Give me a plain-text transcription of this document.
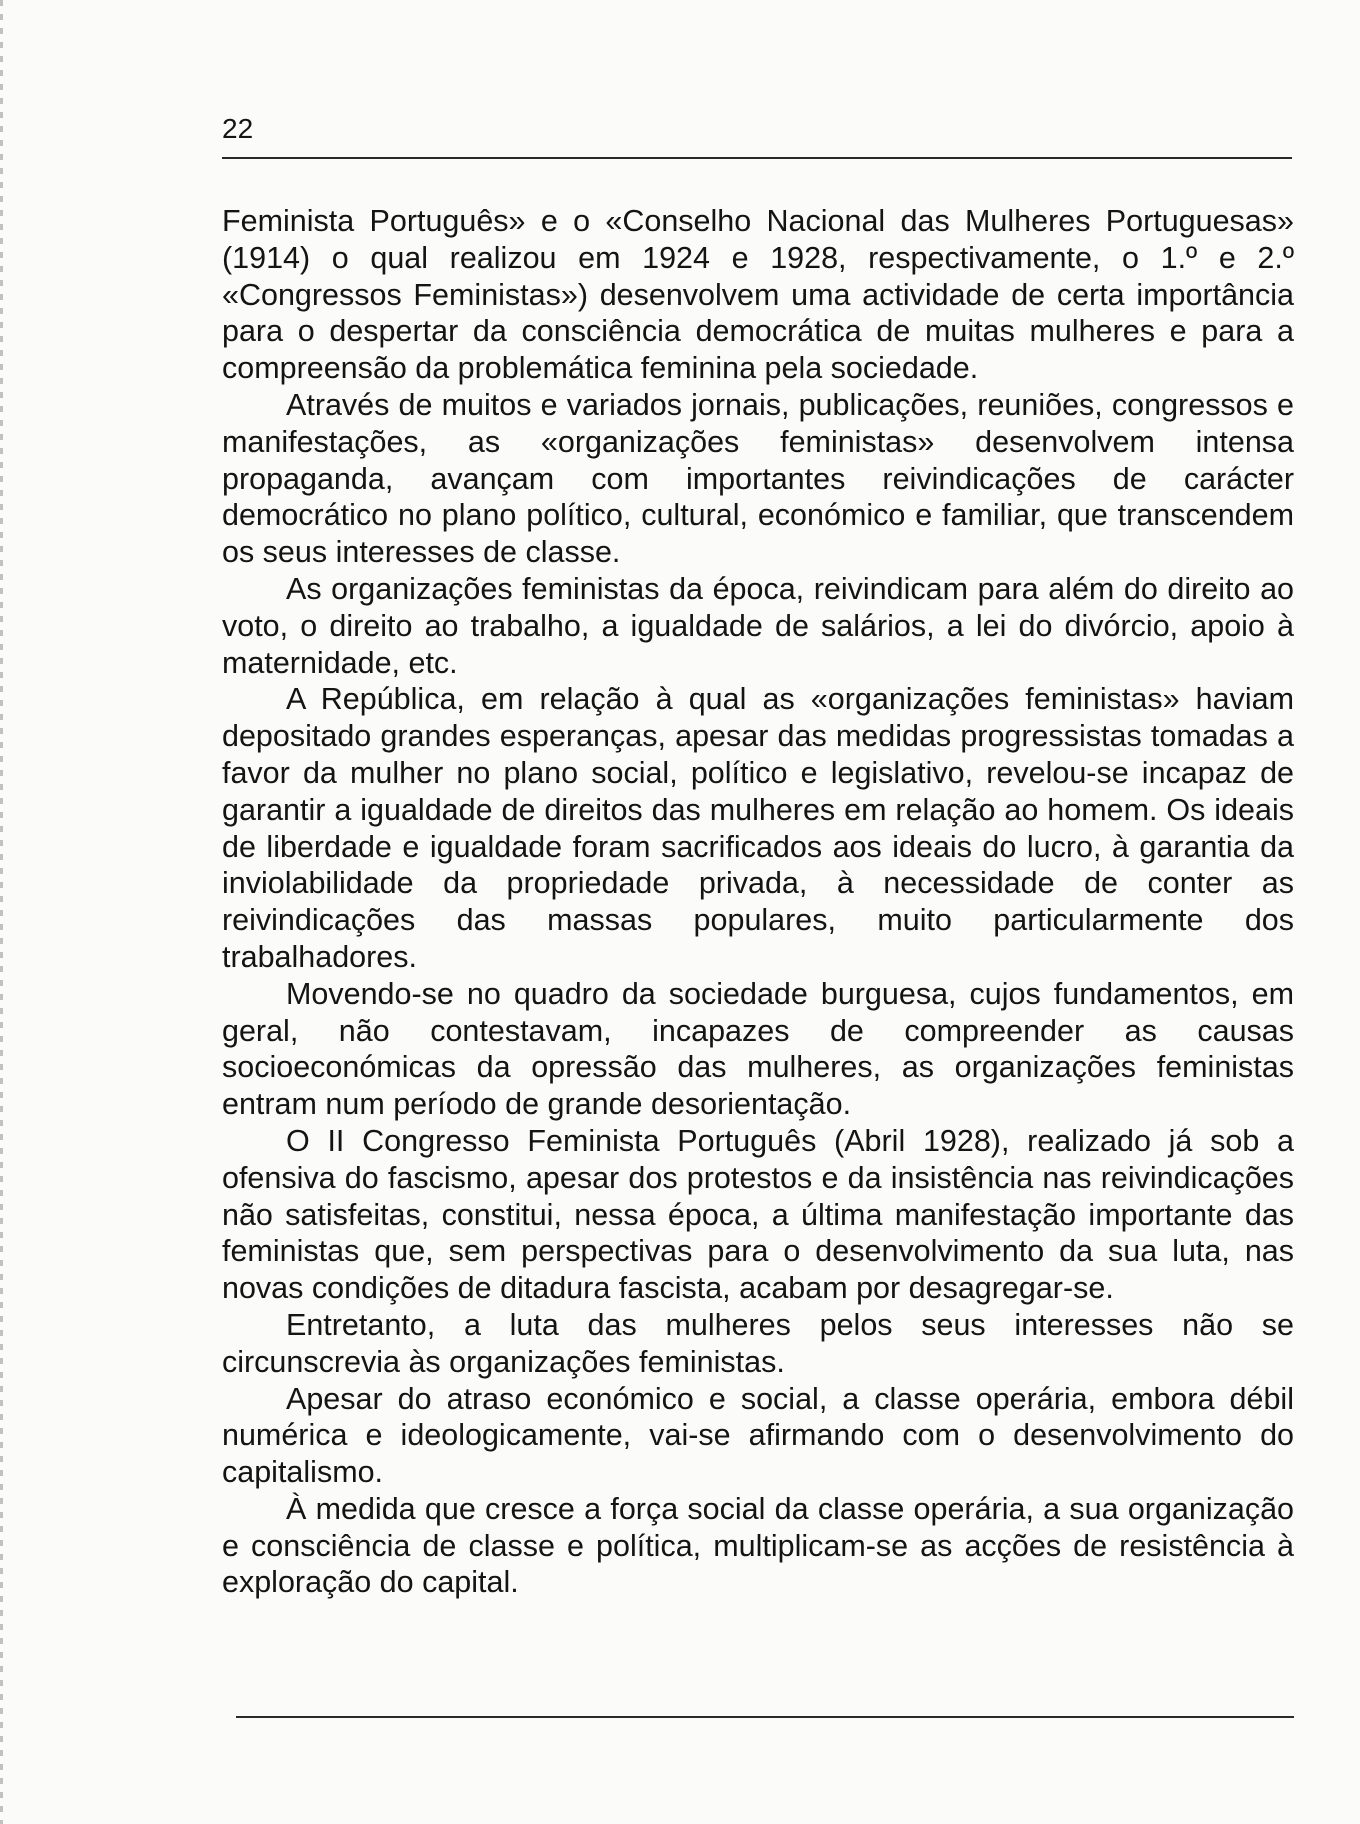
22

Feminista Português» e o «Conselho Nacional das Mulheres Portuguesas» (1914) o qual realizou em 1924 e 1928, respectivamente, o 1.º e 2.º «Congressos Feministas») desenvolvem uma actividade de certa importância para o despertar da consciência democrática de muitas mulheres e para a compreensão da problemática feminina pela sociedade.

Através de muitos e variados jornais, publicações, reuniões, congressos e manifestações, as «organizações feministas» desenvolvem intensa propaganda, avançam com importantes reivindicações de carácter democrático no plano político, cultural, económico e familiar, que transcendem os seus interesses de classe.

As organizações feministas da época, reivindicam para além do direito ao voto, o direito ao trabalho, a igualdade de salários, a lei do divórcio, apoio à maternidade, etc.

A República, em relação à qual as «organizações feministas» haviam depositado grandes esperanças, apesar das medidas progressistas tomadas a favor da mulher no plano social, político e legislativo, revelou-se incapaz de garantir a igualdade de direitos das mulheres em relação ao homem. Os ideais de liberdade e igualdade foram sacrificados aos ideais do lucro, à garantia da inviolabilidade da propriedade privada, à necessidade de conter as reivindicações das massas populares, muito particularmente dos trabalhadores.

Movendo-se no quadro da sociedade burguesa, cujos fundamentos, em geral, não contestavam, incapazes de compreender as causas socioeconómicas da opressão das mulheres, as organizações feministas entram num período de grande desorientação.

O II Congresso Feminista Português (Abril 1928), realizado já sob a ofensiva do fascismo, apesar dos protestos e da insistência nas reivindicações não satisfeitas, constitui, nessa época, a última manifestação importante das feministas que, sem perspectivas para o desenvolvimento da sua luta, nas novas condições de ditadura fascista, acabam por desagregar-se.

Entretanto, a luta das mulheres pelos seus interesses não se circunscrevia às organizações feministas.

Apesar do atraso económico e social, a classe operária, embora débil numérica e ideologicamente, vai-se afirmando com o desenvolvimento do capitalismo.

À medida que cresce a força social da classe operária, a sua organização e consciência de classe e política, multiplicam-se as acções de resistência à exploração do capital.
